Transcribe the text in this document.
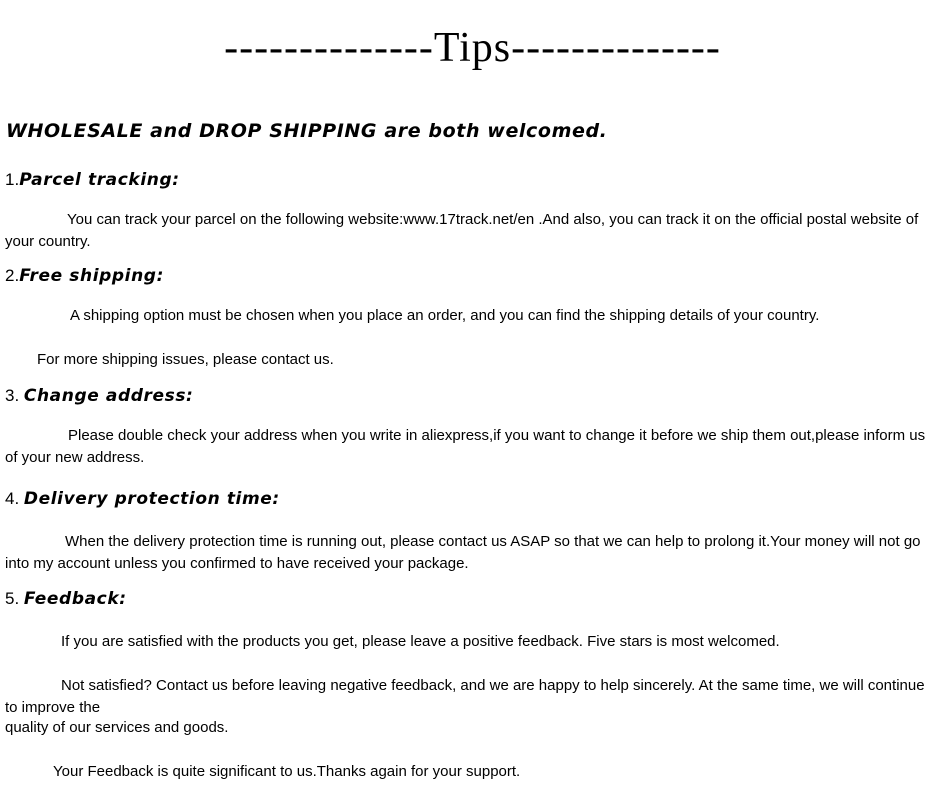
--------------Tips--------------
WHOLESALE and DROP SHIPPING are both welcomed.
1.Parcel tracking:
You can track your parcel on the following website:www.17track.net/en .And also, you can track it on the official postal website of your country.
2.Free shipping:
A shipping option must be chosen when you place an order, and you can find the shipping details of your country.
For more shipping issues, please contact us.
3. Change address:
Please double check your address when you write in aliexpress,if you want to change it before we ship them out,please inform us of your new address.
4. Delivery protection time:
When the delivery protection time is running out, please contact us ASAP so that we can help to prolong it.Your money will not go into my account unless you confirmed to have received your package.
5. Feedback:
If you are satisfied with the products you get, please leave a positive feedback. Five stars is most welcomed.
Not satisfied? Contact us before leaving negative feedback, and we are happy to help sincerely. At the same time, we will continue to improve the
quality of our services and goods.
Your Feedback is quite significant to us.Thanks again for your support.
